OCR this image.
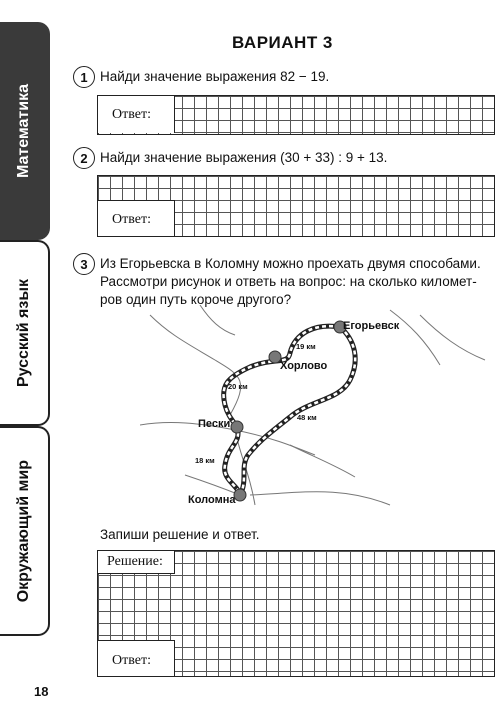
Математика
Русский язык
Окружающий мир
ВАРИАНТ 3
1 Найди значение выражения 82 − 19.
Ответ:
2 Найди значение выражения (30 + 33) : 9 + 13.
Ответ:
3 Из Егорьевска в Коломну можно проехать двумя способами.
Рассмотри рисунок и ответь на вопрос: на сколько километ-
ров один путь короче другого?
Егорьевск
Хорлово
Пески
Коломна
19 км
20 км
48 км
18 км
Запиши решение и ответ.
Решение:
Ответ:
18
